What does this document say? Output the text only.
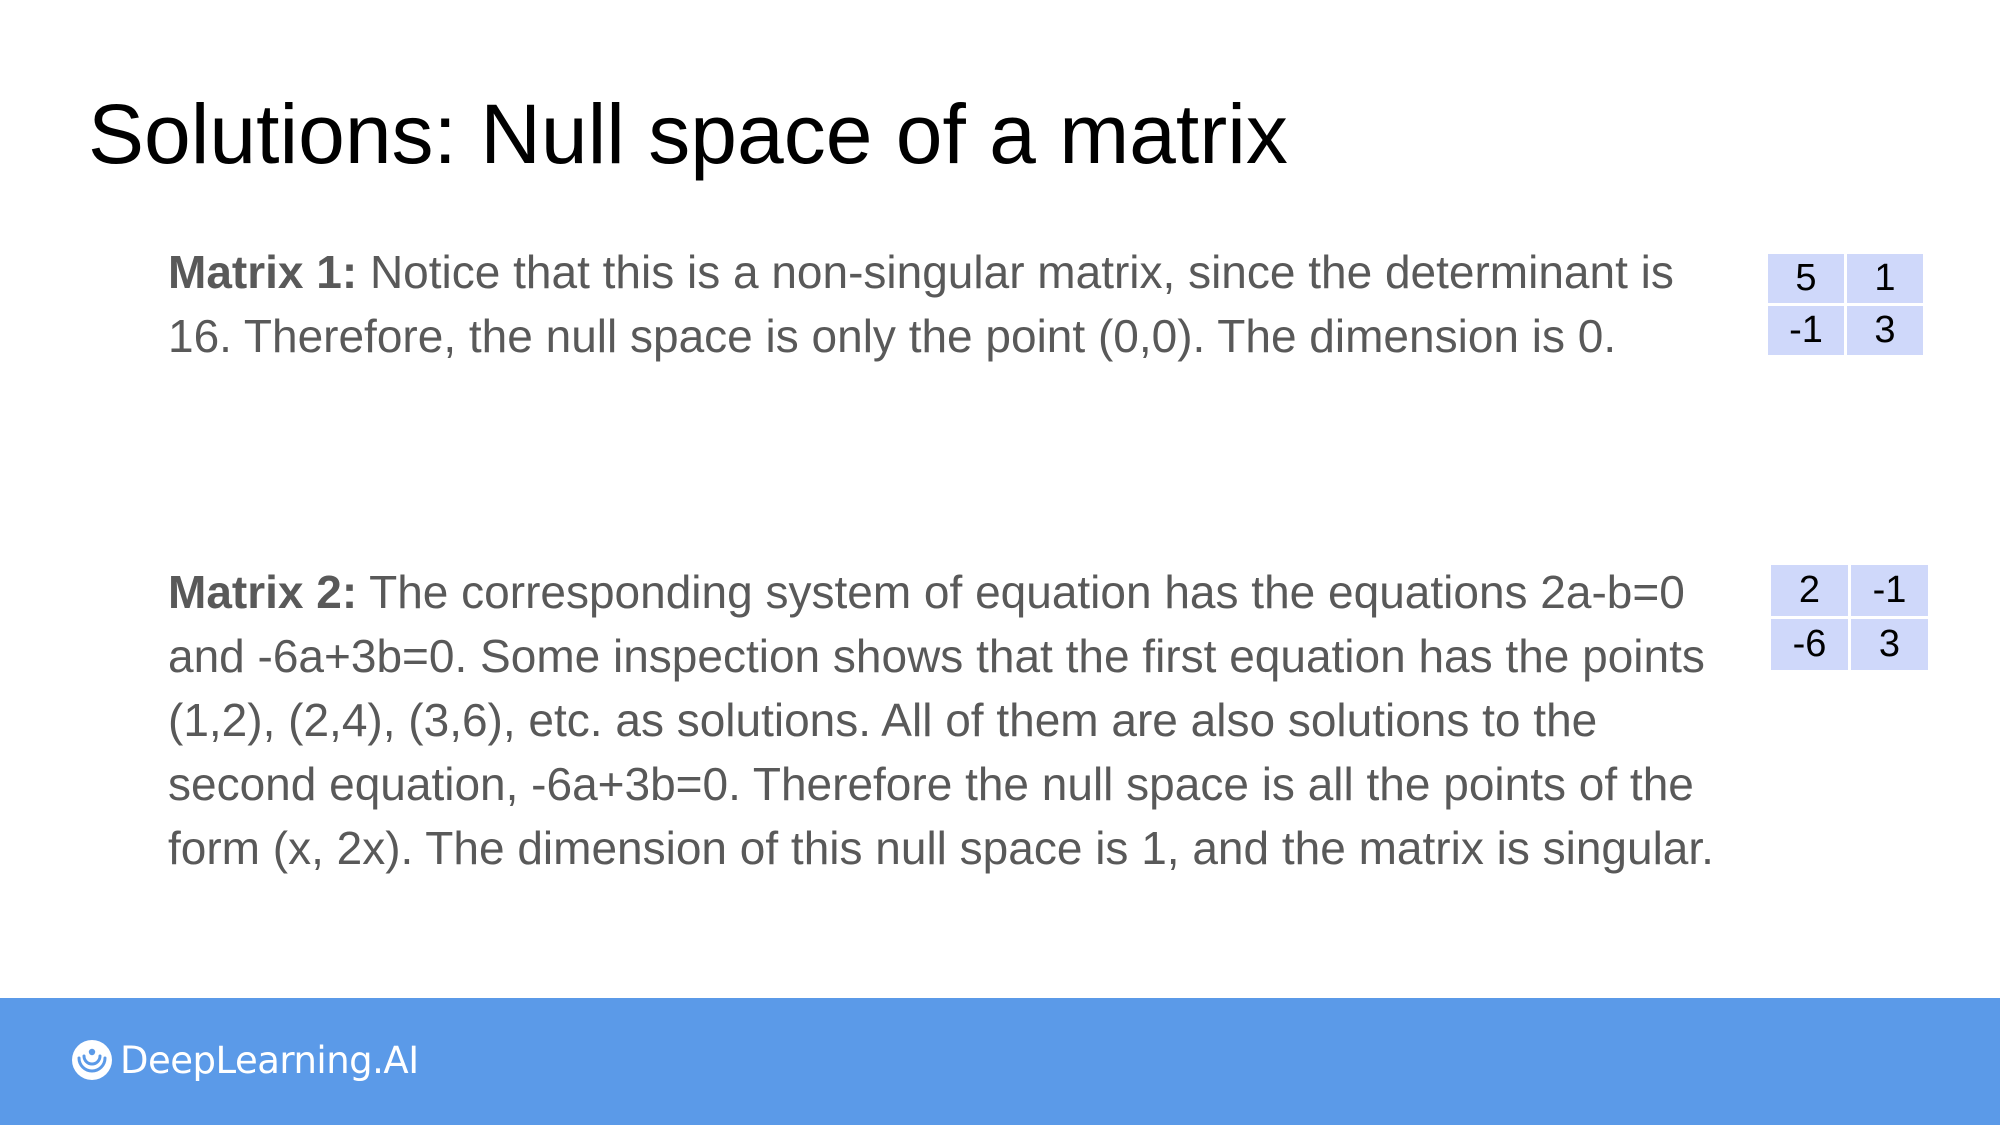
Solutions: Null space of a matrix

Matrix 1: Notice that this is a non-singular matrix, since the determinant is 16. Therefore, the null space is only the point (0,0). The dimension is 0.

5	1
-1	3

Matrix 2: The corresponding system of equation has the equations 2a-b=0 and -6a+3b=0. Some inspection shows that the first equation has the points (1,2), (2,4), (3,6), etc. as solutions. All of them are also solutions to the second equation, -6a+3b=0. Therefore the null space is all the points of the form (x, 2x). The dimension of this null space is 1, and the matrix is singular.

2	-1
-6	3
DeepLearning.AI
